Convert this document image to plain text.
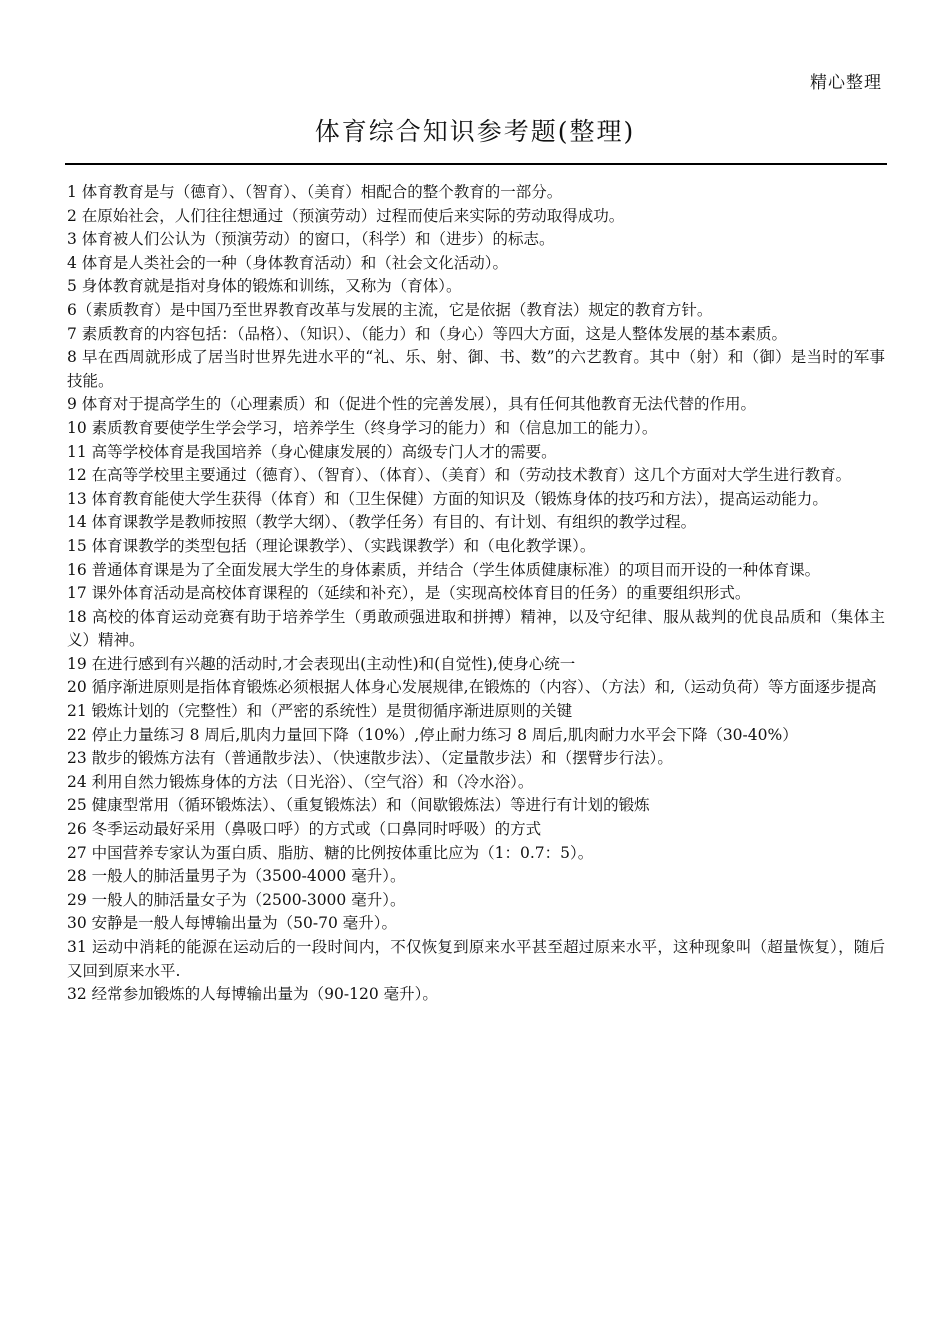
精心整理
体育综合知识参考题(整理)
1 体育教育是与（德育）、（智育）、（美育）相配合的整个教育的一部分。
2 在原始社会，人们往往想通过（预演劳动）过程而使后来实际的劳动取得成功。
3 体育被人们公认为（预演劳动）的窗口，（科学）和（进步）的标志。
4 体育是人类社会的一种（身体教育活动）和（社会文化活动）。
5 身体教育就是指对身体的锻炼和训练，又称为（育体）。
6（素质教育）是中国乃至世界教育改革与发展的主流，它是依据（教育法）规定的教育方针。
7 素质教育的内容包括：（品格）、（知识）、（能力）和（身心）等四大方面，这是人整体发展的基本素质。
8 早在西周就形成了居当时世界先进水平的“礼、乐、射、御、书、数”的六艺教育。其中（射）和（御）是当时的军事技能。
9 体育对于提高学生的（心理素质）和（促进个性的完善发展），具有任何其他教育无法代替的作用。
10 素质教育要使学生学会学习，培养学生（终身学习的能力）和（信息加工的能力）。
11 高等学校体育是我国培养（身心健康发展的）高级专门人才的需要。
12 在高等学校里主要通过（德育）、（智育）、（体育）、（美育）和（劳动技术教育）这几个方面对大学生进行教育。
13 体育教育能使大学生获得（体育）和（卫生保健）方面的知识及（锻炼身体的技巧和方法），提高运动能力。
14 体育课教学是教师按照（教学大纲）、（教学任务）有目的、有计划、有组织的教学过程。
15 体育课教学的类型包括（理论课教学）、（实践课教学）和（电化教学课）。
16 普通体育课是为了全面发展大学生的身体素质，并结合（学生体质健康标准）的项目而开设的一种体育课。
17 课外体育活动是高校体育课程的（延续和补充），是（实现高校体育目的任务）的重要组织形式。
18 高校的体育运动竞赛有助于培养学生（勇敢顽强进取和拼搏）精神，以及守纪律、服从裁判的优良品质和（集体主义）精神。
19 在进行感到有兴趣的活动时,才会表现出(主动性)和(自觉性),使身心统一
20 循序渐进原则是指体育锻炼必须根据人体身心发展规律,在锻炼的（内容）、（方法）和,（运动负荷）等方面逐步提高
21 锻炼计划的（完整性）和（严密的系统性）是贯彻循序渐进原则的关键
22 停止力量练习 8 周后,肌肉力量回下降（10%）,停止耐力练习 8 周后,肌肉耐力水平会下降（30-40%）
23 散步的锻炼方法有（普通散步法）、（快速散步法）、（定量散步法）和（摆臂步行法）。
24 利用自然力锻炼身体的方法（日光浴）、（空气浴）和（冷水浴）。
25 健康型常用（循环锻炼法）、（重复锻炼法）和（间歇锻炼法）等进行有计划的锻炼
26 冬季运动最好采用（鼻吸口呼）的方式或（口鼻同时呼吸）的方式
27 中国营养专家认为蛋白质、脂肪、糖的比例按体重比应为（1：0.7：5）。
28 一般人的肺活量男子为（3500-4000 毫升）。
29 一般人的肺活量女子为（2500-3000 毫升）。
30 安静是一般人每博输出量为（50-70 毫升）。
31 运动中消耗的能源在运动后的一段时间内，不仅恢复到原来水平甚至超过原来水平，这种现象叫（超量恢复），随后又回到原来水平.
32 经常参加锻炼的人每博输出量为（90-120 毫升）。
